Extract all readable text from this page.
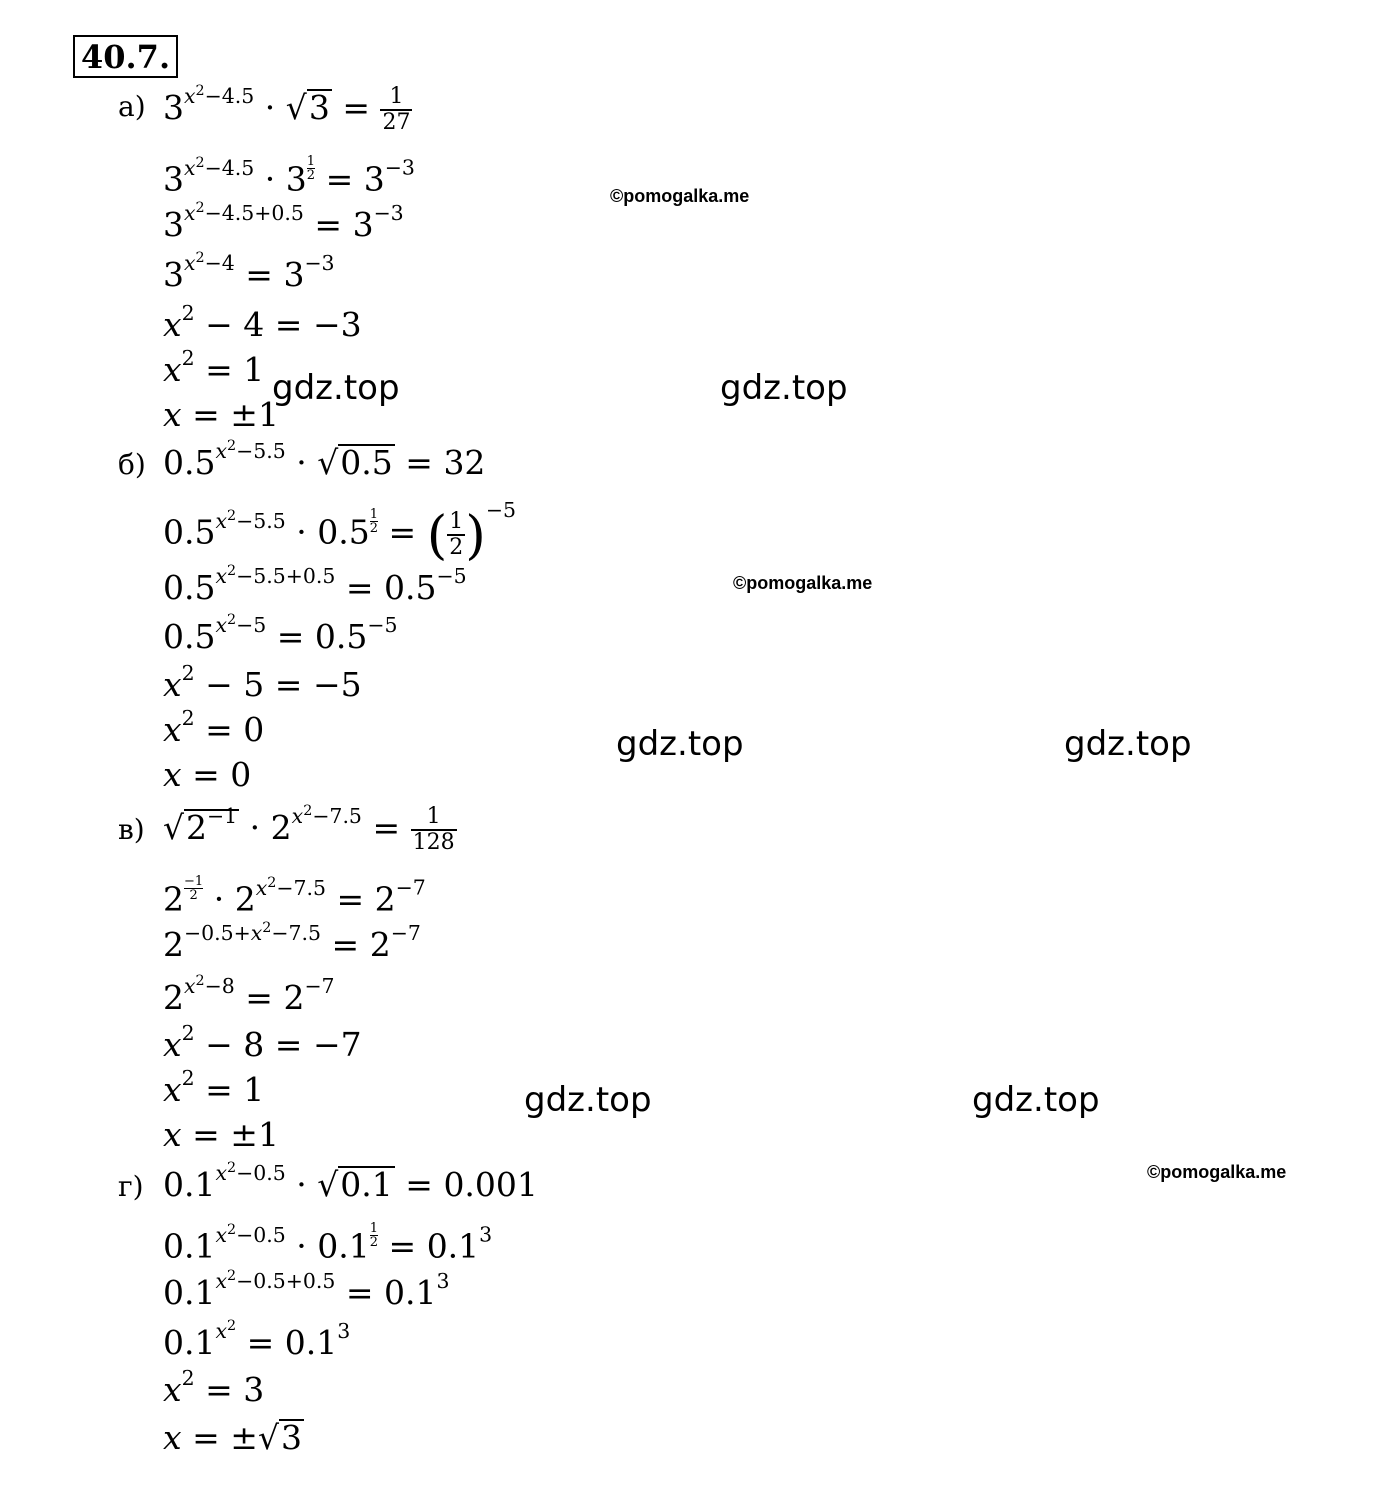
40.7.
а) $3^{x^2-4.5} \cdot √3 = \frac{1}{27}$
$3^{x^2-4.5} \cdot 3 \frac{1}{2} = 3^{-3}$
$3^{x^2-4.5+0.5} = 3^{-3}$
$3^{x^2-4} = 3^{-3}$
$x^2 - 4 = -3$
$x^2 = 1$
x = ±1
б) $0.5^{x^2-5.5} \cdot √0.5 = 32$
$0.5^{x^2-5.5} \cdot 0.5 \frac{1}{2}$ = ( $\frac{1}{2} )^{-5}$
$0.5^{x^2-5.5+0.5} = 0.5^{-5}$
$0.5^{x^2-5} = 0.5^{-5}$
$x^2 - 5 = -5$
$x^2 = 0$
x = 0
в) $√2^{-1} \cdot 2^{x^2-7.5} = \frac{1}{128}$
$2 \frac{-1}{2} \cdot 2^{x^2-7.5} = 2^{-7}$
$2^{-0.5+x^2-7.5} = 2^{-7}$
$2^{x^2-8} = 2^{-7}$
$x^2 - 8 = -7$
$x^2 = 1$
x = ±1
г) $0.1^{x^2-0.5} \cdot √0.1 = 0.001$
$0.1^{x^2-0.5} \cdot 0.1 \frac{1}{2} = 0.1^3$
$0.1^{x^2-0.5+0.5} = 0.1^3$
$0.1^{x^2} = 0.1^3$
$x^2 = 3$
x = ±√3
gdz.top	gdz.top
gdz.top	gdz.top
gdz.top	gdz.top
©pomogalka.me
©pomogalka.me
©pomogalka.me
